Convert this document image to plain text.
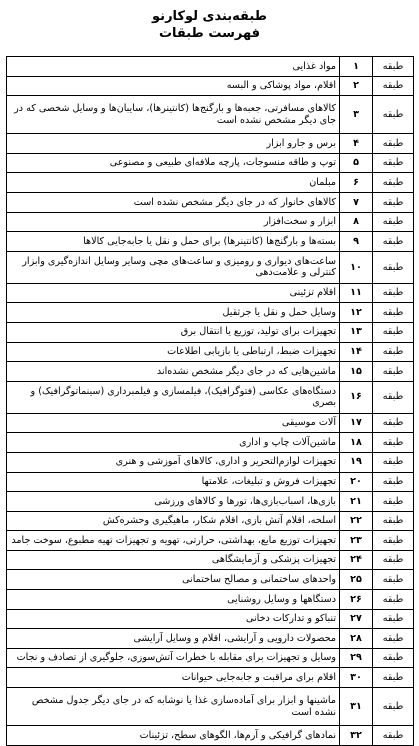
طبقه‌بندی لوکارنو
فهرست طبقات
طبقه	۱	مواد غذایی
طبقه	۲	اقلام، مواد پوشاکی و البسه
طبقه	۳	کالاهای مسافرتی، جعبه‌ها و بارگنج‌ها (کانتینرها)، سایبان‌ها و وسایل شخصی که در جای دیگر مشخص نشده است
طبقه	۴	برس و جارو ابزار
طبقه	۵	توپ و طاقه منسوجات، پارچه ملافه‌ای طبیعی و مصنوعی
طبقه	۶	مبلمان
طبقه	۷	کالاهای خانوار که در جای دیگر مشخص نشده است
طبقه	۸	ابزار و سخت‌افزار
طبقه	۹	بسته‌ها و بارگنج‌ها (کانتینرها) برای حمل و نقل یا جابه‌جایی کالاها
طبقه	۱۰	ساعت‌های دیواری و رومیزی و ساعت‌های مچی وسایر وسایل اندازه‌گیری وابزار کنترلی و علامت‌دهی
طبقه	۱۱	اقلام تزئینی
طبقه	۱۲	وسایل حمل و نقل یا جرثقیل
طبقه	۱۳	تجهیزات برای تولید، توزیع یا انتقال برق
طبقه	۱۴	تجهیزات ضبط، ارتباطی یا بازیابی اطلاعات
طبقه	۱۵	ماشین‌هایی که در جای دیگر مشخص نشده‌اند
طبقه	۱۶	دستگاه‌های عکاسی (فتوگرافیک)، فیلمسازی و فیلمبرداری (سینماتوگرافیک) و بصری
طبقه	۱۷	آلات موسیقی
طبقه	۱۸	ماشین‌آلات چاپ و اداری
طبقه	۱۹	تجهیزات لوازم‌التحریر و اداری، کالاهای آموزشی و هنری
طبقه	۲۰	تجهیزات فروش و تبلیغات، علامتها
طبقه	۲۱	بازی‌ها، اسباب‌بازی‌ها، تورها و کالاهای ورزشی
طبقه	۲۲	اسلحه، اقلام آتش بازی، اقلام شکار، ماهیگیری وحشره‌کش
طبقه	۲۳	تجهیزات توزیع مایع، بهداشتی، حرارتی، تهویه و تجهیزات تهیه مطبوع، سوخت جامد
طبقه	۲۴	تجهیزات پزشکی و آزمایشگاهی
طبقه	۲۵	واحدهای ساختمانی و مصالح ساختمانی
طبقه	۲۶	دستگاهها و وسایل روشنایی
طبقه	۲۷	تنباکو و تدارکات دخانی
طبقه	۲۸	محصولات دارویی و آرایشی، اقلام و وسایل آرایشی
طبقه	۲۹	وسایل و تجهیزات برای مقابله با خطرات آتش‌سوزی، جلوگیری از تصادف و نجات
طبقه	۳۰	اقلام برای مراقبت و جابه‌جایی حیوانات
طبقه	۳۱	ماشینها و ابزار برای آماده‌سازی غذا یا نوشابه که در جای دیگر جدول مشخص نشده است
طبقه	۳۲	نمادهای گرافیکی و آرم‌ها، الگوهای سطح، تزئینات
